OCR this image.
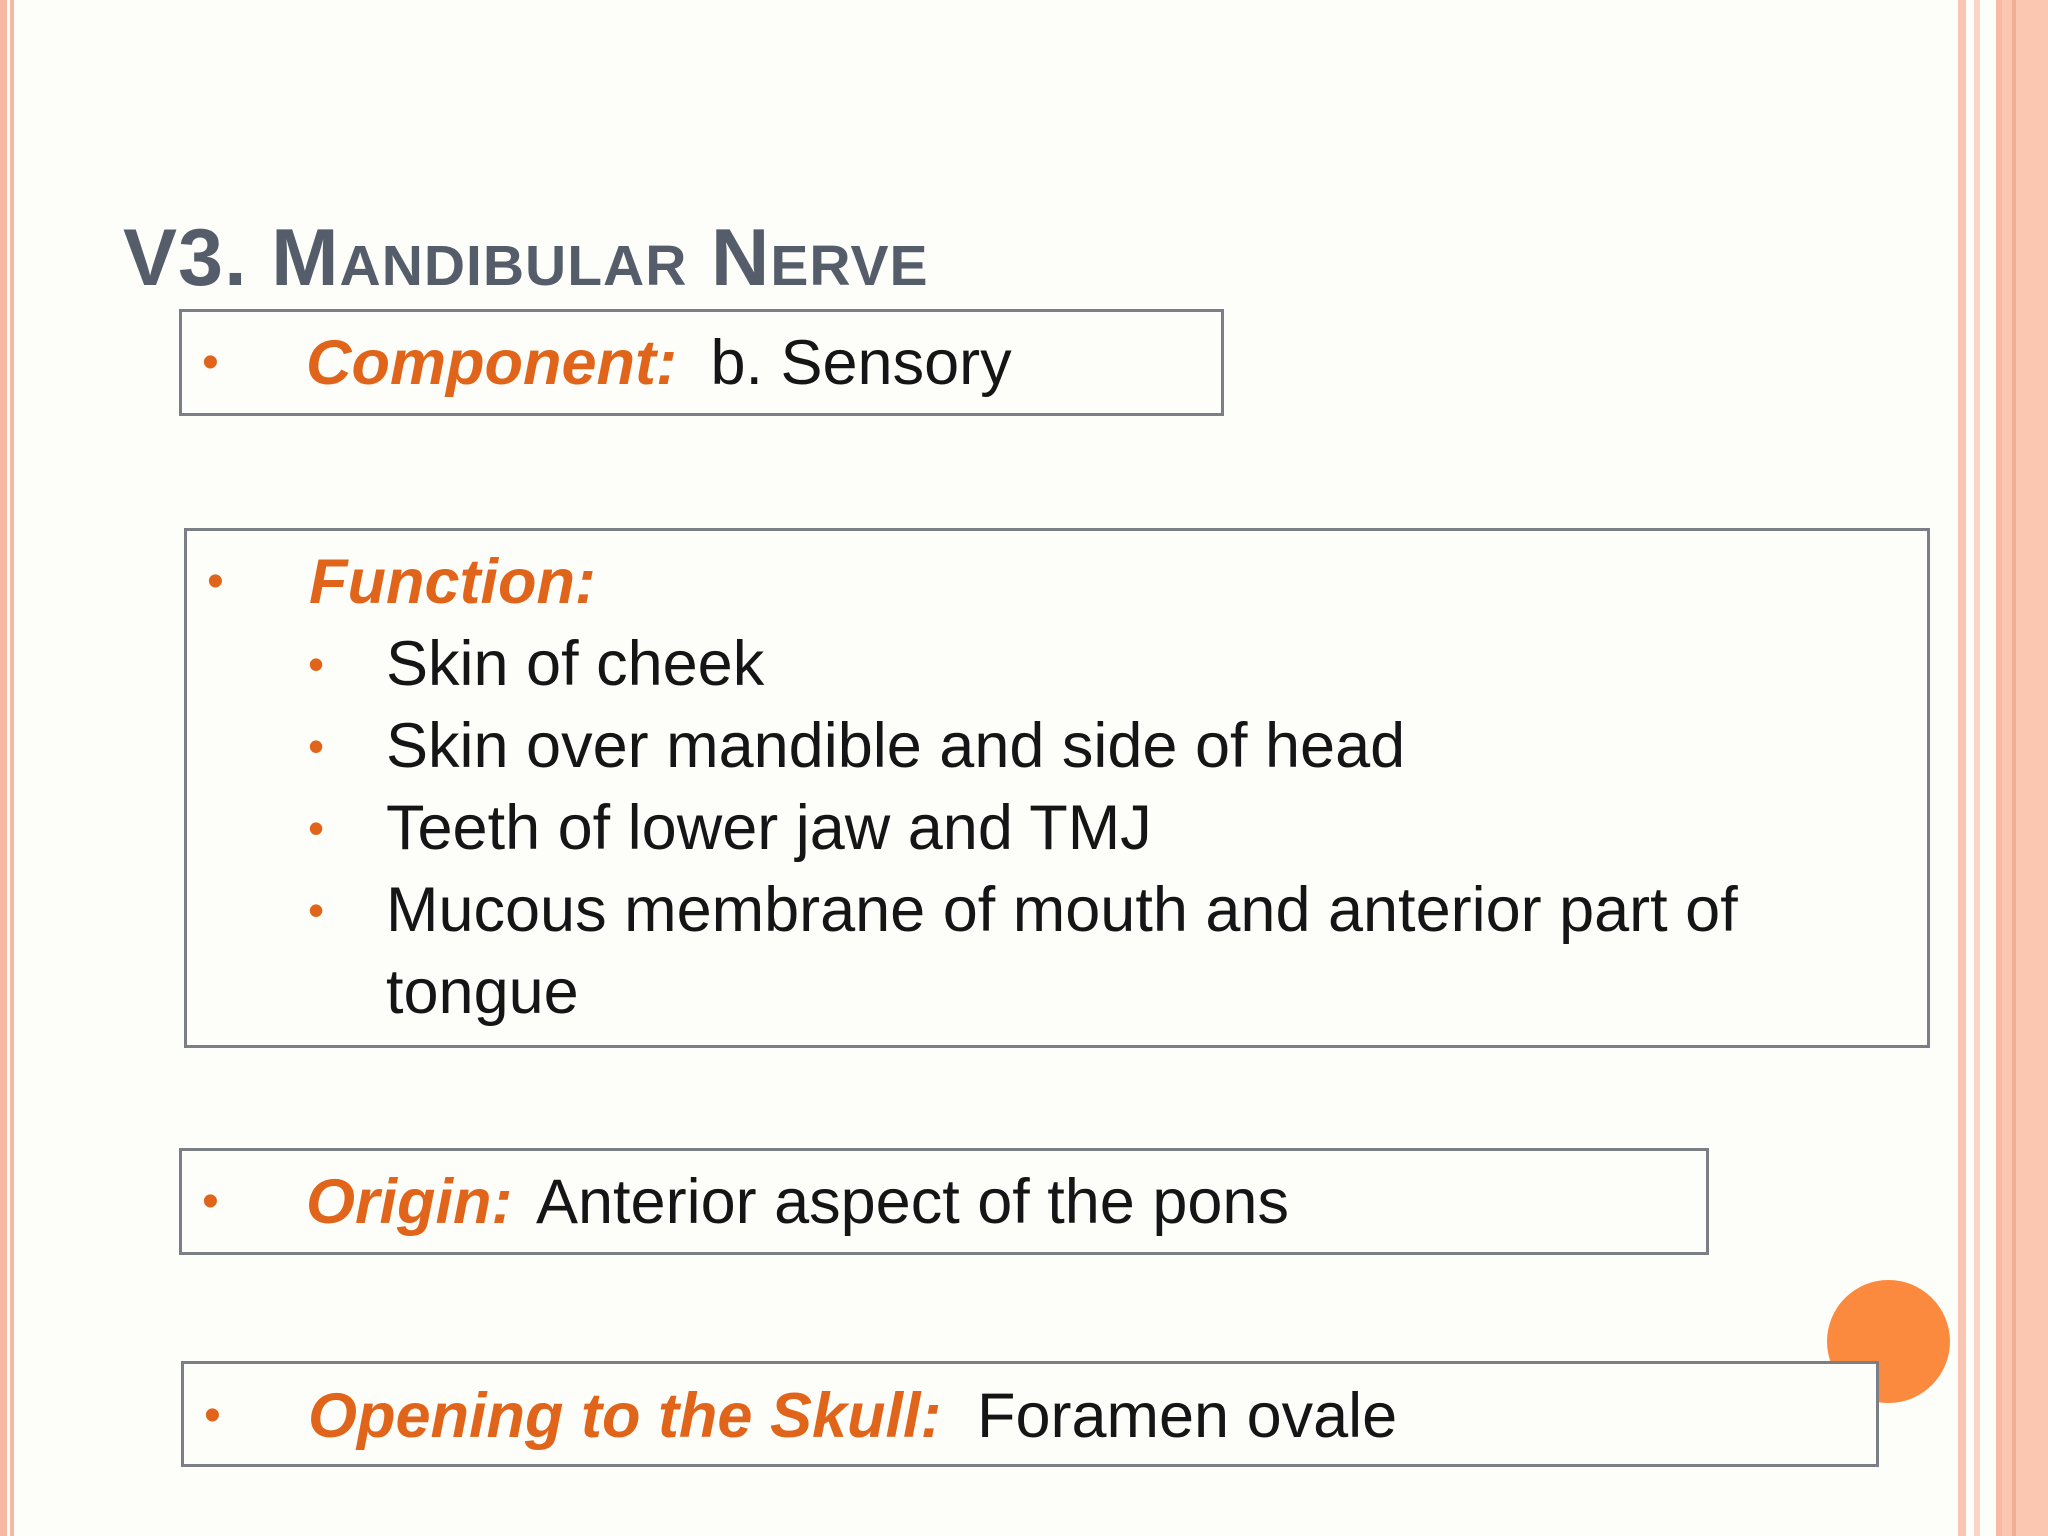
V3. Mandibular Nerve
• Component: b. Sensory
• Function:
• Skin of cheek
• Skin over mandible and side of head
• Teeth of lower jaw and TMJ
• Mucous membrane of mouth and anterior part of
tongue
• Origin: Anterior aspect of the pons
• Opening to the Skull: Foramen ovale
